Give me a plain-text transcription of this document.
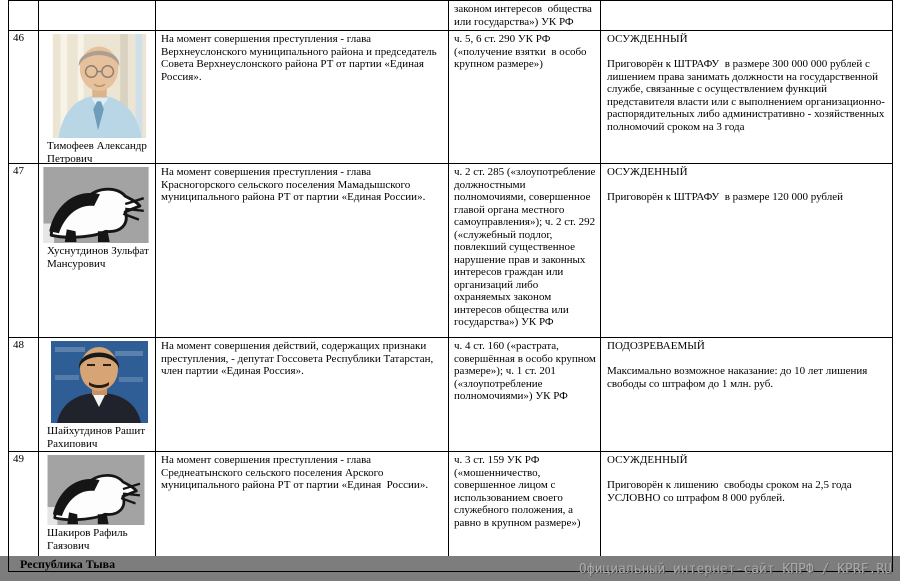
законом интересов  общества или государства») УК РФ
46
Тимофеев Александр Петрович
На момент совершения преступления - глава Верхнеуслонского муниципального района и председатель Совета Верхнеуслонского района РТ от партии «Единая Россия».
ч. 5, 6 ст. 290 УК РФ («получение взятки  в особо крупном размере»)
ОСУЖДЕННЫЙ
Приговорён к ШТРАФУ  в размере 300 000 000 рублей с лишением права занимать должности на государственной службе, связанные с осуществлением функций представителя власти или с выполнением организационно-распорядительных либо административно - хозяйственных полномочий сроком на 3 года
47
Хуснутдинов Зульфат Мансурович
На момент совершения преступления - глава Красногорского сельского поселения Мамадышского муниципального района РТ от партии «Единая России».
ч. 2 ст. 285 («злоупотребление должностными полномочиями, совершенное главой органа местного самоуправления»); ч. 2 ст. 292 («служебный подлог, повлекший существенное нарушение прав и законных интересов граждан или организаций либо охраняемых законом интересов общества или государства») УК РФ
ОСУЖДЕННЫЙ
Приговорён к ШТРАФУ  в размере 120 000 рублей
48
Шайхутдинов Рашит Рахипович
На момент совершения действий, содержащих признаки преступления, - депутат Госсовета Республики Татарстан, член партии «Единая Россия».
ч. 4 ст. 160 («растрата, совершённая в особо крупном размере»); ч. 1 ст. 201 («злоупотребление полномочиями») УК РФ
ПОДОЗРЕВАЕМЫЙ
Максимально возможное наказание: до 10 лет лишения свободы со штрафом до 1 млн. руб.
49
Шакиров Рафиль Гаязович
На момент совершения преступления - глава Среднеатынского сельского поселения Арского муниципального района РТ от партии «Единая  России».
ч. 3 ст. 159 УК РФ («мошенничество, совершенное лицом с использованием своего служебного положения, а равно в крупном размере»)
ОСУЖДЕННЫЙ
Приговорён к лишению  свободы сроком на 2,5 года УСЛОВНО со штрафом 8 000 рублей.
Республика Тыва	Официальный интернет-сайт КПРФ / KPRF.RU
